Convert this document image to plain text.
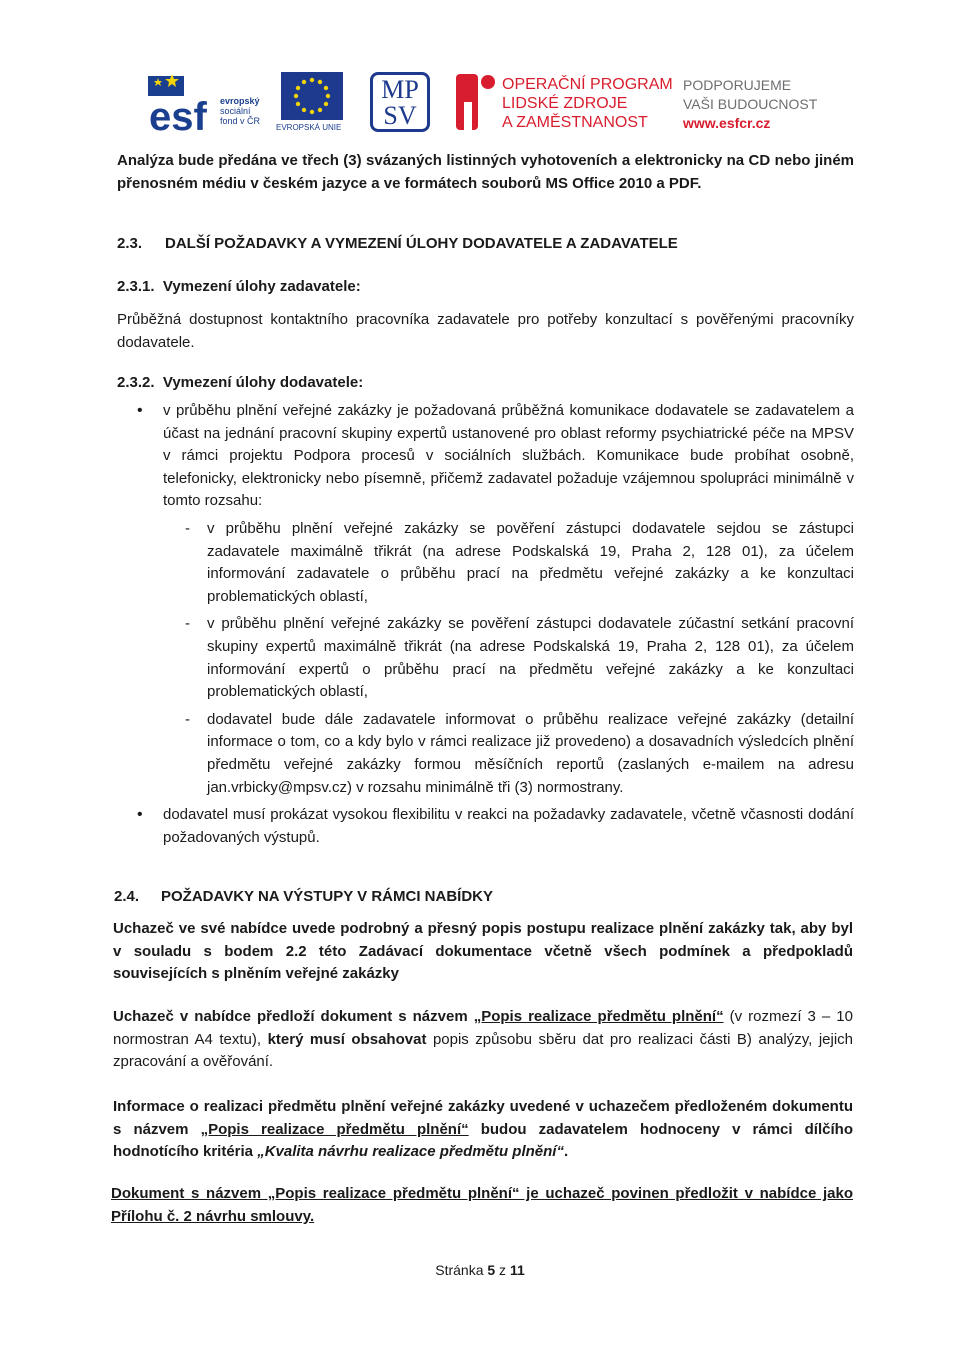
esf evropský
sociální
fond v ČR
EVROPSKÁ UNIE
MP
SV
OPERAČNÍ PROGRAM
LIDSKÉ ZDROJE
A ZAMĚSTNANOST
PODPORUJEME
VAŠI BUDOUCNOST
www.esfcr.cz

Analýza bude předána ve třech (3) svázaných listinných vyhotoveních a elektronicky na CD nebo jiném přenosném médiu v českém jazyce a ve formátech souborů MS Office 2010 a PDF.

2.3. DALŠÍ POŽADAVKY A VYMEZENÍ ÚLOHY DODAVATELE A ZADAVATELE
2.3.1.  Vymezení úlohy zadavatele:

Průběžná dostupnost kontaktního pracovníka zadavatele pro potřeby konzultací s pověřenými pracovníky dodavatele.

2.3.2.  Vymezení úlohy dodavatele:
• v průběhu plnění veřejné zakázky je požadovaná průběžná komunikace dodavatele se zadavatelem a účast na jednání pracovní skupiny expertů ustanovené pro oblast reformy psychiatrické péče na MPSV v rámci projektu Podpora procesů v sociálních službách. Komunikace bude probíhat osobně, telefonicky, elektronicky nebo písemně, přičemž zadavatel požaduje vzájemnou spolupráci minimálně v tomto rozsahu:
- v průběhu plnění veřejné zakázky se pověření zástupci dodavatele sejdou se zástupci zadavatele maximálně třikrát (na adrese Podskalská 19, Praha 2, 128 01), za účelem informování zadavatele o průběhu prací na předmětu veřejné zakázky a ke konzultaci problematických oblastí,
- v průběhu plnění veřejné zakázky se pověření zástupci dodavatele zúčastní setkání pracovní skupiny expertů maximálně třikrát (na adrese Podskalská 19, Praha 2, 128 01), za účelem informování expertů o průběhu prací na předmětu veřejné zakázky a ke konzultaci problematických oblastí,
- dodavatel bude dále zadavatele informovat o průběhu realizace veřejné zakázky (detailní informace o tom, co a kdy bylo v rámci realizace již provedeno) a dosavadních výsledcích plnění předmětu veřejné zakázky formou měsíčních reportů (zaslaných e-mailem na adresu jan.vrbicky@mpsv.cz) v rozsahu minimálně tři (3) normostrany.
• dodavatel musí prokázat vysokou flexibilitu v reakci na požadavky zadavatele, včetně včasnosti dodání požadovaných výstupů.
2.4. POŽADAVKY NA VÝSTUPY V RÁMCI NABÍDKY

Uchazeč ve své nabídce uvede podrobný a přesný popis postupu realizace plnění zakázky tak, aby byl v souladu s bodem 2.2 této Zadávací dokumentace včetně všech podmínek a předpokladů souvisejících s plněním veřejné zakázky

Uchazeč v nabídce předloží dokument s názvem „Popis realizace předmětu plnění“ (v rozmezí 3 – 10 normostran A4 textu), který musí obsahovat popis způsobu sběru dat pro realizaci části B) analýzy, jejich zpracování a ověřování.

Informace o realizaci předmětu plnění veřejné zakázky uvedené v uchazečem předloženém dokumentu s názvem „Popis realizace předmětu plnění“ budou zadavatelem hodnoceny v rámci dílčího hodnotícího kritéria „Kvalita návrhu realizace předmětu plnění“.

Dokument s názvem „Popis realizace předmětu plnění“ je uchazeč povinen předložit v nabídce jako Přílohu č. 2 návrhu smlouvy.

Stránka 5 z 11
